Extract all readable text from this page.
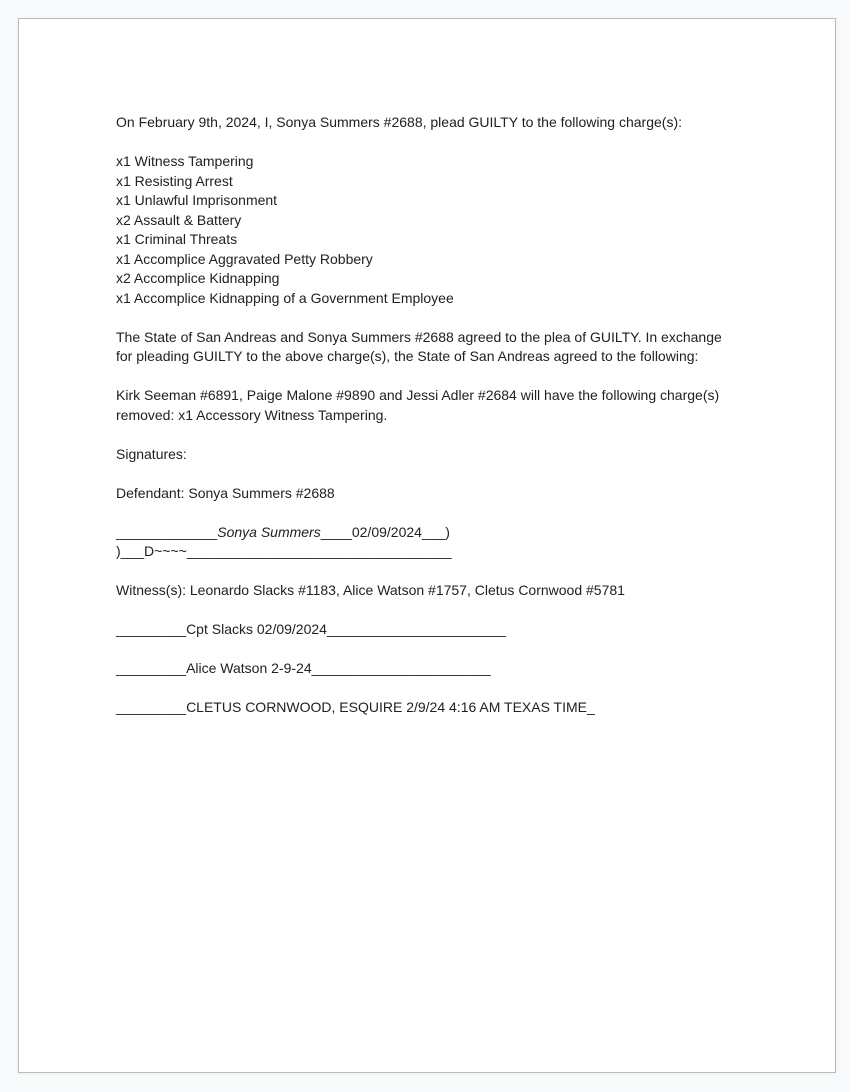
On February 9th, 2024, I, Sonya Summers #2688, plead GUILTY to the following charge(s):

x1 Witness Tampering
x1 Resisting Arrest
x1 Unlawful Imprisonment
x2 Assault & Battery
x1 Criminal Threats
x1 Accomplice Aggravated Petty Robbery
x2 Accomplice Kidnapping
x1 Accomplice Kidnapping of a Government Employee

The State of San Andreas and Sonya Summers #2688 agreed to the plea of GUILTY. In exchange for pleading GUILTY to the above charge(s), the State of San Andreas agreed to the following:

Kirk Seeman #6891, Paige Malone #9890 and Jessi Adler #2684 will have the following charge(s) removed: x1 Accessory Witness Tampering.

Signatures:

Defendant: Sonya Summers #2688

_____________Sonya Summers____02/09/2024___)
)___D~~~~__________________________________

Witness(s): Leonardo Slacks #1183, Alice Watson #1757, Cletus Cornwood #5781

_________Cpt Slacks 02/09/2024_______________________

_________Alice Watson 2-9-24_______________________

_________CLETUS CORNWOOD, ESQUIRE 2/9/24 4:16 AM TEXAS TIME_
